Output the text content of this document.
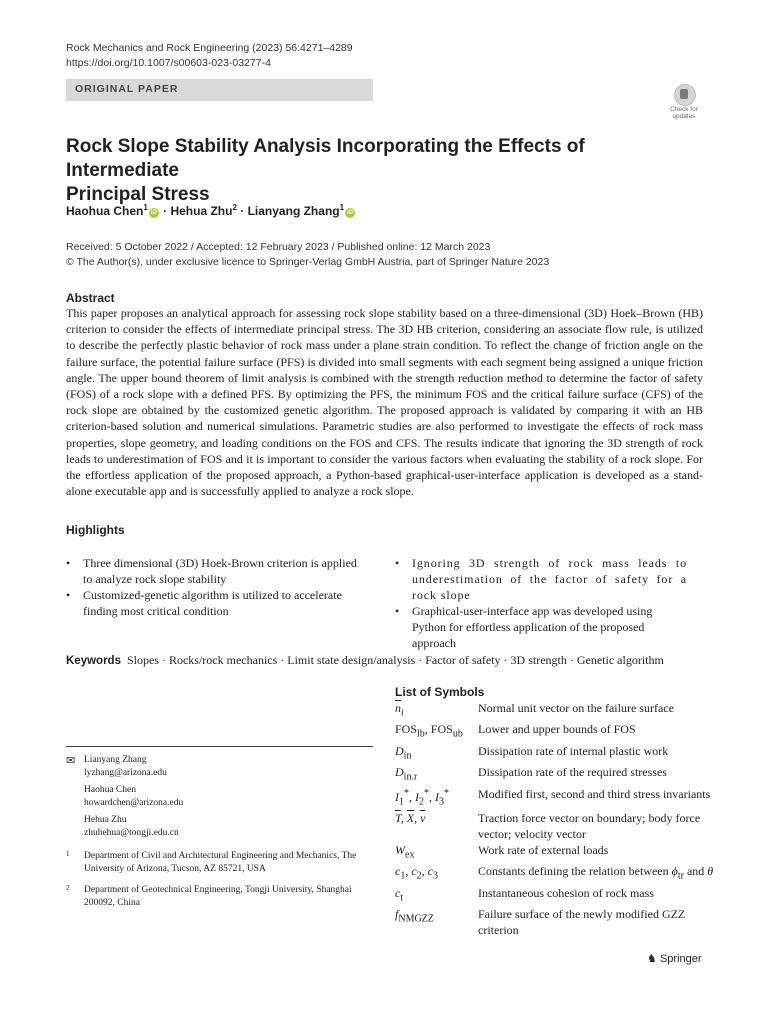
Rock Mechanics and Rock Engineering (2023) 56:4271–4289
https://doi.org/10.1007/s00603-023-03277-4
ORIGINAL PAPER
Check for
updates
Rock Slope Stability Analysis Incorporating the Effects of Intermediate
Principal Stress
Haohua Chen$^1$iD · Hehua Zhu$^2$ · Lianyang Zhang$^1$iD
Received: 5 October 2022 / Accepted: 12 February 2023 / Published online: 12 March 2023
© The Author(s), under exclusive licence to Springer-Verlag GmbH Austria, part of Springer Nature 2023
Abstract
This paper proposes an analytical approach for assessing rock slope stability based on a three-dimensional (3D) Hoek–Brown (HB) criterion to consider the effects of intermediate principal stress. The 3D HB criterion, considering an associate flow rule, is utilized to describe the perfectly plastic behavior of rock mass under a plane strain condition. To reflect the change of friction angle on the failure surface, the potential failure surface (PFS) is divided into small segments with each segment being assigned a unique friction angle. The upper bound theorem of limit analysis is combined with the strength reduction method to determine the factor of safety (FOS) of a rock slope with a defined PFS. By optimizing the PFS, the minimum FOS and the critical failure surface (CFS) of the rock slope are obtained by the customized genetic algorithm. The proposed approach is validated by comparing it with an HB criterion-based solution and numerical simulations. Parametric studies are also performed to investigate the effects of rock mass properties, slope geometry, and loading conditions on the FOS and CFS. The results indicate that ignoring the 3D strength of rock leads to underestimation of FOS and it is important to consider the various factors when evaluating the stability of a rock slope. For the effortless application of the proposed approach, a Python-based graphical-user-interface application is developed as a stand-alone executable app and is successfully applied to analyze a rock slope.
Highlights
• Three dimensional (3D) Hoek-Brown criterion is applied to analyze rock slope stability
• Customized-genetic algorithm is utilized to accelerate finding most critical condition
• Ignoring 3D strength of rock mass leads to underestimation of the factor of safety for a rock slope
• Graphical-user-interface app was developed using Python for effortless application of the proposed approach
Keywords Slopes · Rocks/rock mechanics · Limit state design/analysis · Factor of safety · 3D strength · Genetic algorithm
List of Symbols
$\overline{n}_i$	Normal unit vector on the failure surface
$FOS_{lb}$, $FOS_{ub}$	Lower and upper bounds of FOS
$D_{in}$	Dissipation rate of internal plastic work
$D_{in.r}$	Dissipation rate of the required stresses
$I_1^*$, $I_2^*$, $I_3^*$	Modified first, second and third stress invariants
$\overline{T}$, $\overline{X}$, $\overline{v}$	Traction force vector on boundary; body force vector; velocity vector
$W_{ex}$	Work rate of external loads
$c_1$, $c_2$, $c_3$	Constants defining the relation between $\phi_{tr}$ and θ
$c_t$	Instantaneous cohesion of rock mass
$f_{NMGZZ}$	Failure surface of the newly modified GZZ criterion
✉ Lianyang Zhang
lyzhang@arizona.edu
Haohua Chen
howardchen@arizona.edu
Hehua Zhu
zhuhehua@tongji.edu.cn
1 Department of Civil and Architectural Engineering and Mechanics, The University of Arizona, Tucson, AZ 85721, USA
2 Department of Geotechnical Engineering, Tongji University, Shanghai 200092, China
♞ Springer
